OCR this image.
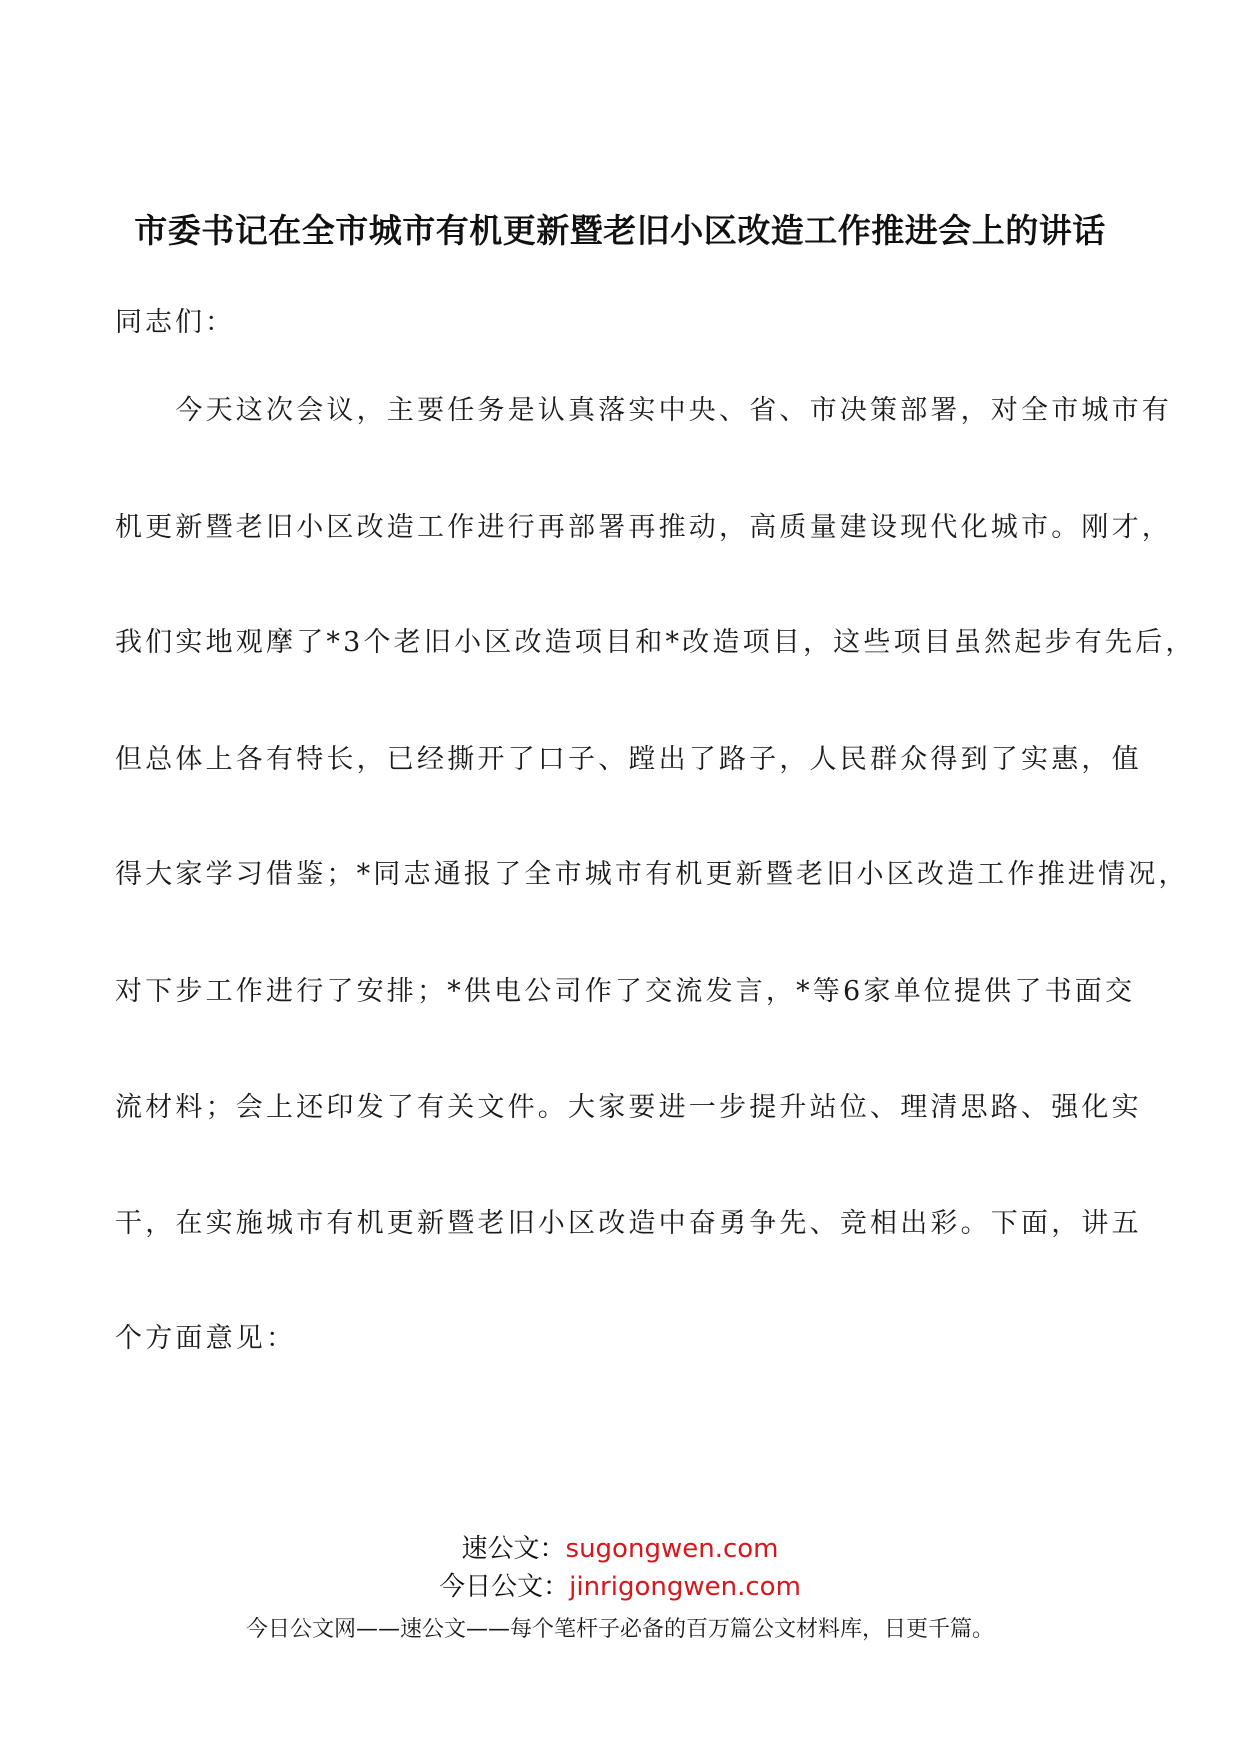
市委书记在全市城市有机更新暨老旧小区改造工作推进会上的讲话
同志们：
　　今天这次会议，主要任务是认真落实中央、省、市决策部署，对全市城市有
机更新暨老旧小区改造工作进行再部署再推动，高质量建设现代化城市。刚才，
我们实地观摩了*3个老旧小区改造项目和*改造项目，这些项目虽然起步有先后，
但总体上各有特长，已经撕开了口子、蹚出了路子，人民群众得到了实惠，值
得大家学习借鉴；*同志通报了全市城市有机更新暨老旧小区改造工作推进情况，
对下步工作进行了安排；*供电公司作了交流发言，*等6家单位提供了书面交
流材料；会上还印发了有关文件。大家要进一步提升站位、理清思路、强化实
干，在实施城市有机更新暨老旧小区改造中奋勇争先、竞相出彩。下面，讲五
个方面意见：
速公文：sugongwen.com
今日公文：jinrigongwen.com
今日公文网——速公文——每个笔杆子必备的百万篇公文材料库，日更千篇。
